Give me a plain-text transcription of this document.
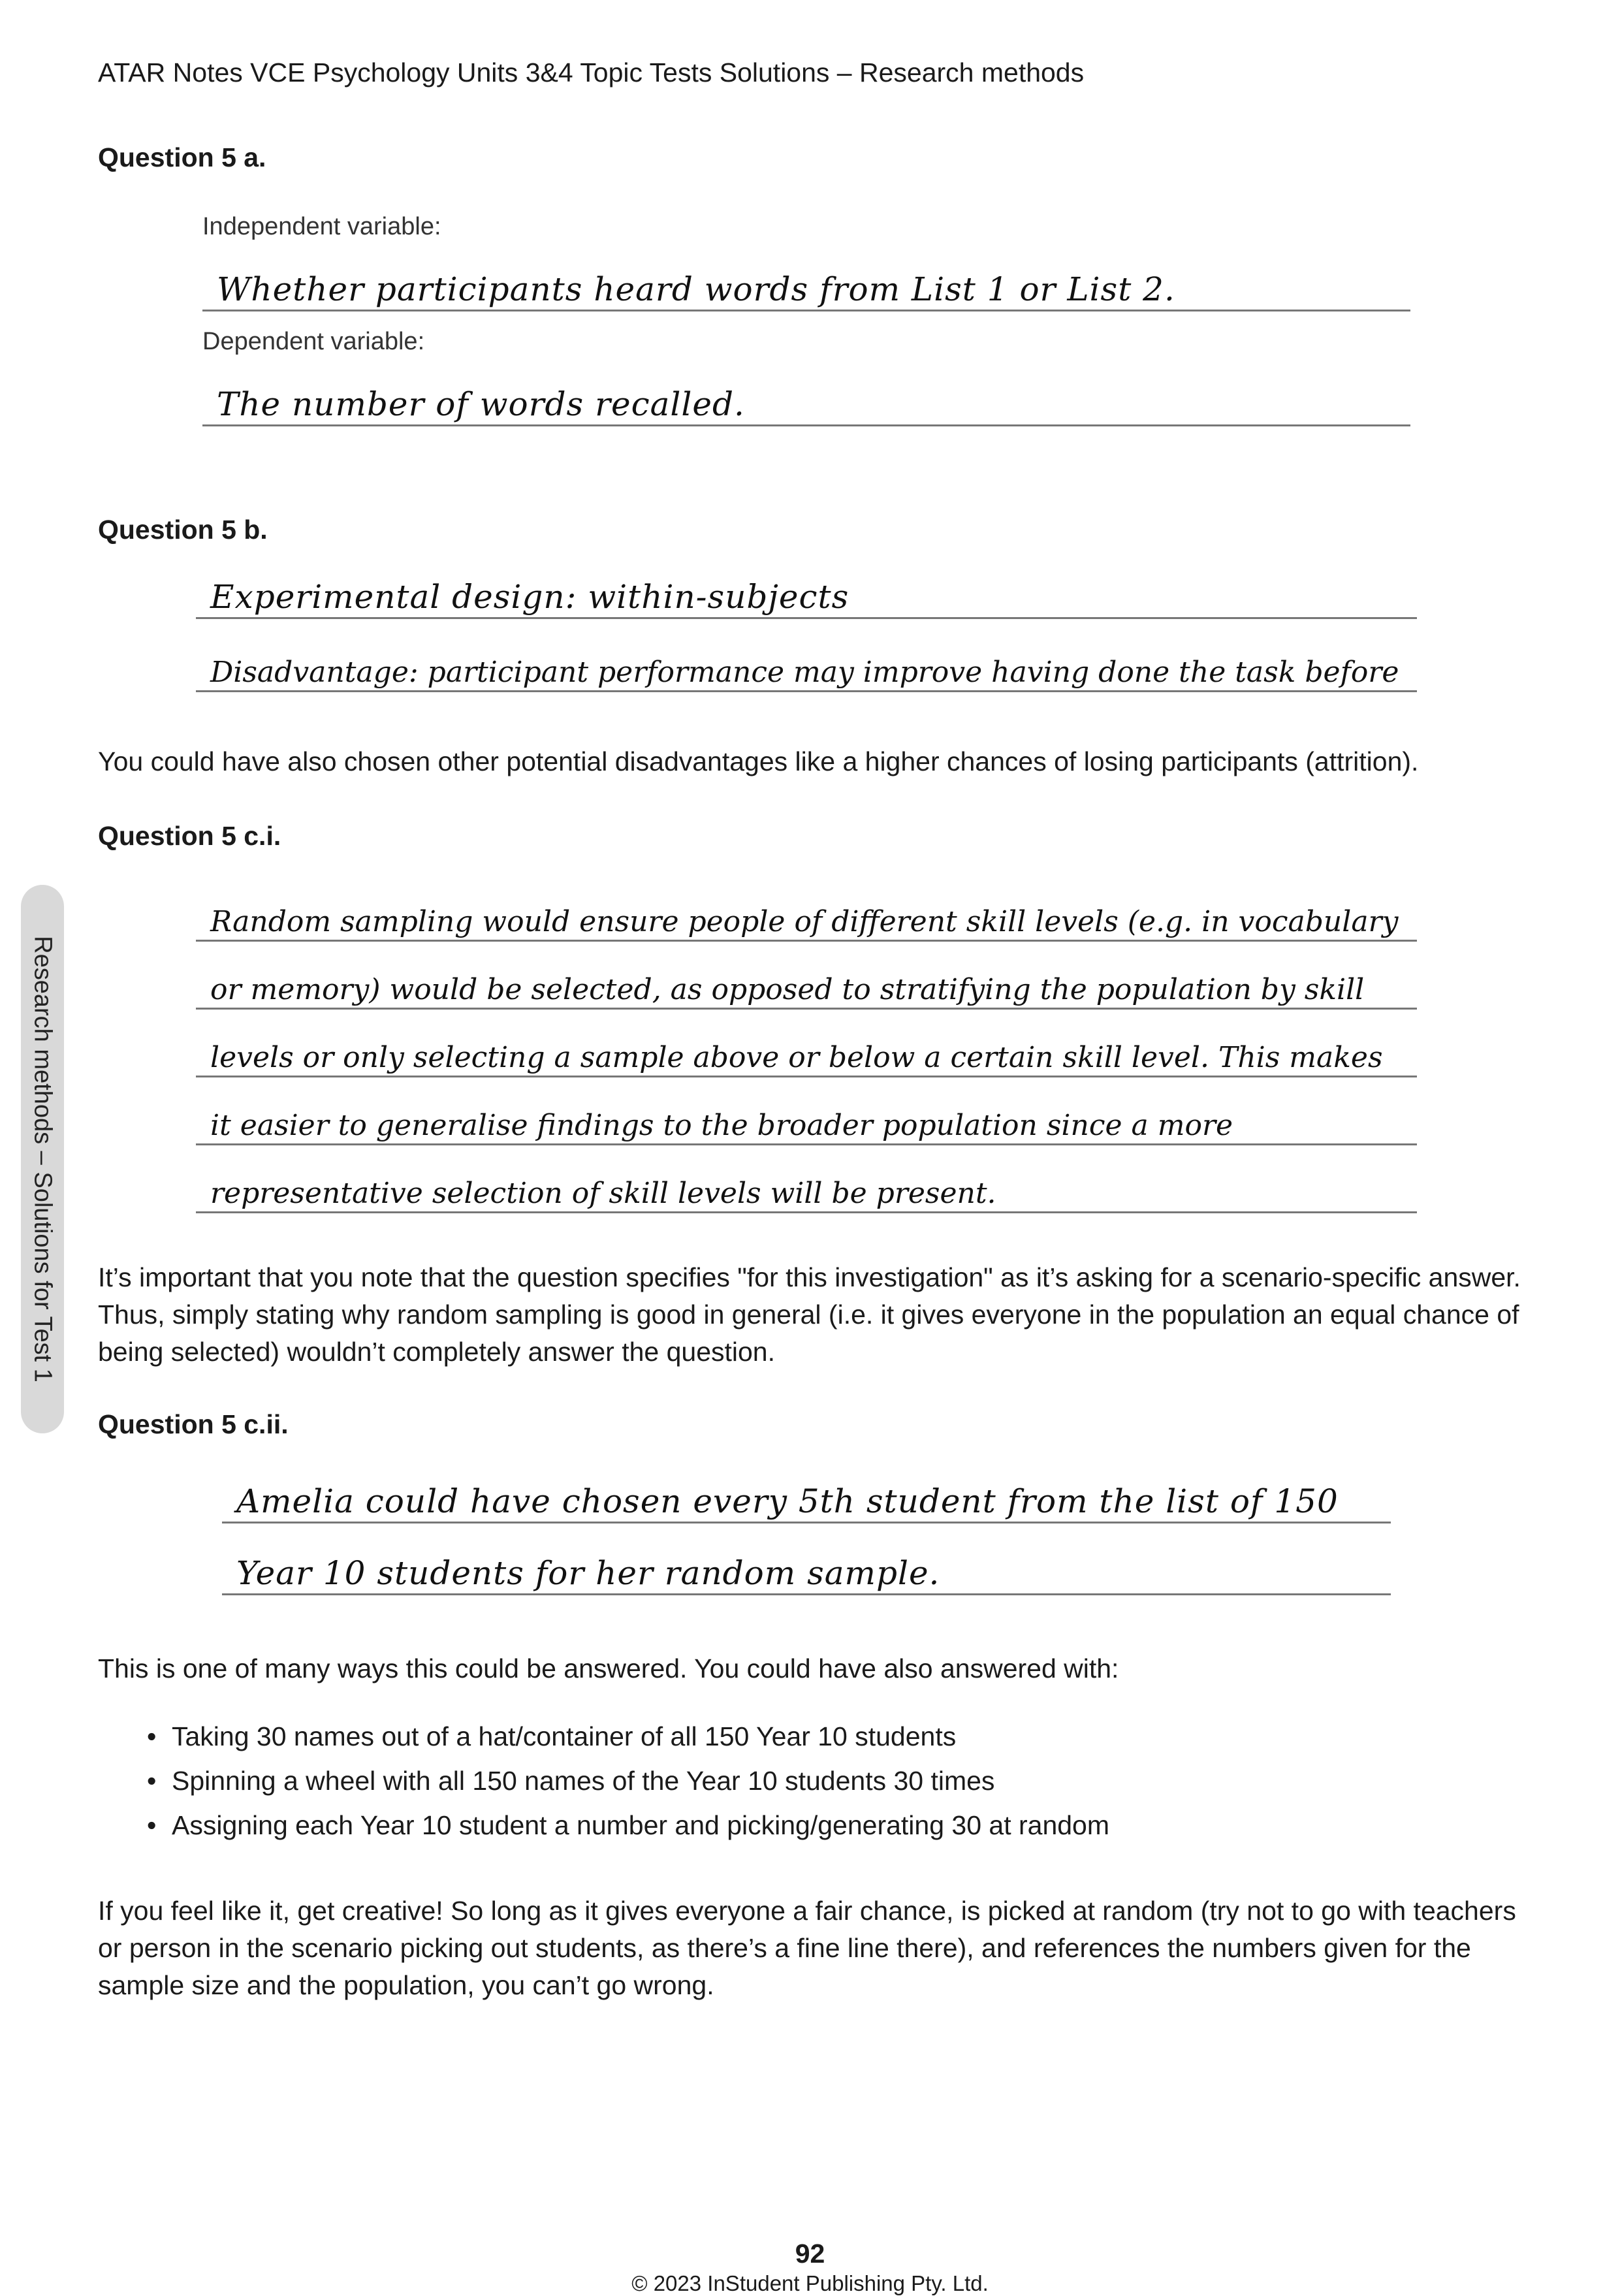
ATAR Notes VCE Psychology Units 3&4 Topic Tests Solutions – Research methods
Research methods – Solutions for Test 1
Question 5 a.
Independent variable:
Whether participants heard words from List 1 or List 2.
Dependent variable:
The number of words recalled.
Question 5 b.
Experimental design: within-subjects
Disadvantage: participant performance may improve having done the task before
You could have also chosen other potential disadvantages like a higher chances of losing participants (attrition).
Question 5 c.i.
Random sampling would ensure people of different skill levels (e.g. in vocabulary
or memory) would be selected, as opposed to stratifying the population by skill
levels or only selecting a sample above or below a certain skill level. This makes
it easier to generalise findings to the broader population since a more
representative selection of skill levels will be present.
It’s important that you note that the question specifies "for this investigation" as it’s asking for a scenario-specific answer. Thus, simply stating why random sampling is good in general (i.e. it gives everyone in the population an equal chance of being selected) wouldn’t completely answer the question.
Question 5 c.ii.
Amelia could have chosen every 5th student from the list of 150
Year 10 students for her random sample.
This is one of many ways this could be answered. You could have also answered with:
• Taking 30 names out of a hat/container of all 150 Year 10 students
• Spinning a wheel with all 150 names of the Year 10 students 30 times
• Assigning each Year 10 student a number and picking/generating 30 at random
If you feel like it, get creative! So long as it gives everyone a fair chance, is picked at random (try not to go with teachers or person in the scenario picking out students, as there’s a fine line there), and references the numbers given for the sample size and the population, you can’t go wrong.
92
© 2023 InStudent Publishing Pty. Ltd.
